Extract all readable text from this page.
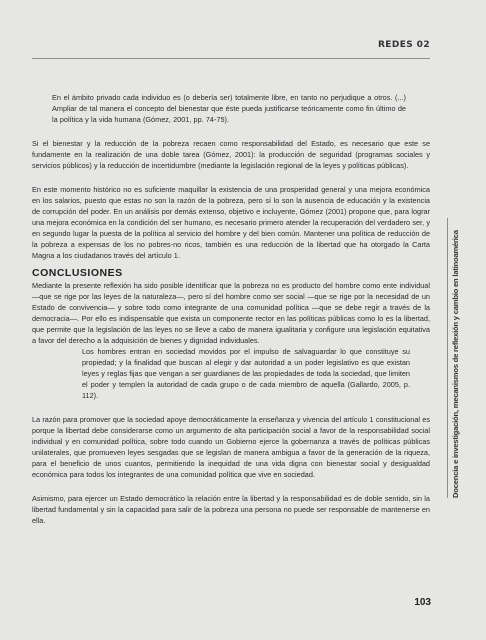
REDES 02

En el ámbito privado cada individuo es (o debería ser) totalmente libre, en tanto no perjudique a otros. (...) Ampliar de tal manera el concepto del bienestar que éste pueda justificarse teóricamente como fin último de la política y la vida humana (Gómez, 2001, pp. 74-75).

Si el bienestar y la reducción de la pobreza recaen como responsabilidad del Estado, es necesario que este se fundamente en la realización de una doble tarea (Gómez, 2001): la producción de seguridad (programas sociales y servicios públicos) y la reducción de incertidumbre (mediante la legislación regional de la leyes y políticas públicas).

En este momento histórico no es suficiente maquillar la existencia de una prosperidad general y una mejora económica en los salarios, puesto que estas no son la razón de la pobreza, pero sí lo son la ausencia de educación y la existencia de corrupción del poder. En un análisis por demás extenso, objetivo e incluyente, Gómez (2001) propone que, para lograr una mejora económica en la condición del ser humano, es necesario primero atender la recuperación del verdadero ser, y en segundo lugar la puesta de la política al servicio del hombre y del bien común. Mantener una política de reducción de la pobreza a expensas de los no pobres-no ricos, también es una reducción de la libertad que ha otorgado la Carta Magna a los ciudadanos través del artículo 1.

CONCLUSIONES

Mediante la presente reflexión ha sido posible identificar que la pobreza no es producto del hombre como ente individual —que se rige por las leyes de la naturaleza—, pero sí del hombre como ser social —que se rige por la necesidad de un Estado de convivencia— y sobre todo como integrante de una comunidad política —que se debe regir a través de la democracia—. Por ello es indispensable que exista un componente rector en las políticas públicas como lo es la libertad, que permite que la legislación de las leyes no se lleve a cabo de manera igualitaria y configure una legislación equitativa a favor del derecho a la adquisición de bienes y dignidad individuales.

Los hombres entran en sociedad movidos por el impulso de salvaguardar lo que constituye su propiedad; y la finalidad que buscan al elegir y dar autoridad a un poder legislativo es que existan leyes y reglas fijas que vengan a ser guardianes de las propiedades de toda la sociedad, que limiten el poder y templen la autoridad de cada grupo o de cada miembro de aquella (Gallardo, 2005, p. 112).

La razón para promover que la sociedad apoye democráticamente la enseñanza y vivencia del artículo 1 constitucional es porque la libertad debe considerarse como un argumento de alta participación social a favor de la responsabilidad social individual y en comunidad política, sobre todo cuando un Gobierno ejerce la gobernanza a través de políticas públicas unilaterales, que promueven leyes sesgadas que se legislan de manera ambigua a favor de la generación de la riqueza, para el beneficio de unos cuantos, permitiendo la inequidad de una vida digna con bienestar social y desigualdad económica para todos los integrantes de una comunidad política que vive en sociedad.

Asimismo, para ejercer un Estado democrático la relación entre la libertad y la responsabilidad es de doble sentido, sin la libertad fundamental y sin la capacidad para salir de la pobreza una persona no puede ser responsable de mantenerse en ella.

Docencia e investigación, mecanismos de reflexión y cambio en latinoamérica
103
